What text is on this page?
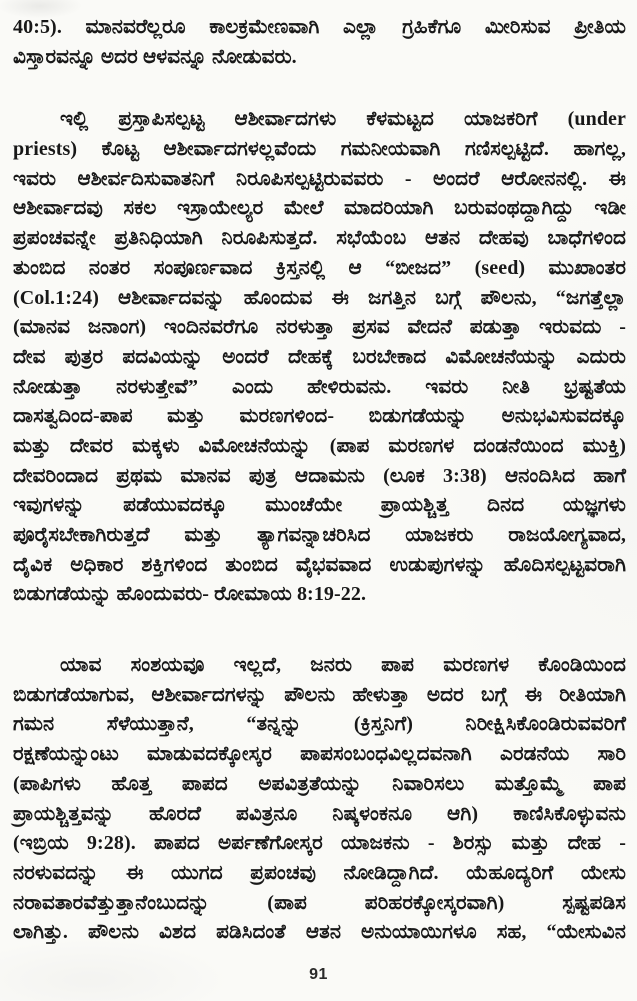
40:5). ಮಾನವರೆಲ್ಲರೂ ಕಾಲಕ್ರಮೇಣವಾಗಿ ಎಲ್ಲಾ ಗ್ರಹಿಕೆಗೂ ಮೀರಿಸುವ ಪ್ರೀತಿಯ
ವಿಸ್ತಾರವನ್ನೂ ಅದರ ಆಳವನ್ನೂ ನೋಡುವರು.
ಇಲ್ಲಿ ಪ್ರಸ್ತಾಪಿಸಲ್ಪಟ್ಟ ಆಶೀರ್ವಾದಗಳು ಕೆಳಮಟ್ಟದ ಯಾಜಕರಿಗೆ (under
priests) ಕೊಟ್ಟ ಆಶೀರ್ವಾದಗಳಲ್ಲವೆಂದು ಗಮನೀಯವಾಗಿ ಗಣಿಸಲ್ಪಟ್ಟಿದೆ. ಹಾಗಲ್ಲ,
ಇವರು ಆಶೀರ್ವದಿಸುವಾತನಿಗೆ ನಿರೂಪಿಸಲ್ಪಟ್ಟಿರುವವರು - ಅಂದರೆ ಆರೋನನಲ್ಲಿ. ಈ
ಆಶೀರ್ವಾದವು ಸಕಲ ಇಸ್ರಾಯೇಲ್ಯರ ಮೇಲೆ ಮಾದರಿಯಾಗಿ ಬರುವಂಥದ್ದಾಗಿದ್ದು ಇಡೀ
ಪ್ರಪಂಚವನ್ನೇ ಪ್ರತಿನಿಧಿಯಾಗಿ ನಿರೂಪಿಸುತ್ತದೆ. ಸಭೆಯೆಂಬ ಆತನ ದೇಹವು ಬಾಧೆಗಳಿಂದ
ತುಂಬಿದ ನಂತರ ಸಂಪೂರ್ಣವಾದ ಕ್ರಿಸ್ತನಲ್ಲಿ ಆ “ಬೀಜದ” (seed) ಮುಖಾಂತರ
(Col.1:24) ಆಶೀರ್ವಾದವನ್ನು ಹೊಂದುವ ಈ ಜಗತ್ತಿನ ಬಗ್ಗೆ ಪೌಲನು, “ಜಗತ್ತೆಲ್ಲಾ
(ಮಾನವ ಜನಾಂಗ) ಇಂದಿನವರೆಗೂ ನರಳುತ್ತಾ ಪ್ರಸವ ವೇದನೆ ಪಡುತ್ತಾ ಇರುವದು -
ದೇವ ಪುತ್ರರ ಪದವಿಯನ್ನು ಅಂದರೆ ದೇಹಕ್ಕೆ ಬರಬೇಕಾದ ವಿಮೋಚನೆಯನ್ನು ಎದುರು
ನೋಡುತ್ತಾ ನರಳುತ್ತೇವೆ” ಎಂದು ಹೇಳಿರುವನು. ಇವರು ನೀತಿ ಭ್ರಷ್ಟತೆಯ
ದಾಸತ್ವದಿಂದ-ಪಾಪ ಮತ್ತು ಮರಣಗಳಿಂದ- ಬಿಡುಗಡೆಯನ್ನು ಅನುಭವಿಸುವದಕ್ಕೂ
ಮತ್ತು ದೇವರ ಮಕ್ಕಳು ವಿಮೋಚನೆಯನ್ನು (ಪಾಪ ಮರಣಗಳ ದಂಡನೆಯಿಂದ ಮುಕ್ತಿ)
ದೇವರಿಂದಾದ ಪ್ರಥಮ ಮಾನವ ಪುತ್ರ ಆದಾಮನು (ಲೂಕ 3:38) ಆನಂದಿಸಿದ ಹಾಗೆ
ಇವುಗಳನ್ನು ಪಡೆಯುವದಕ್ಕೂ ಮುಂಚೆಯೇ ಪ್ರಾಯಶ್ಚಿತ್ತ ದಿನದ ಯಜ್ಞಗಳು
ಪೂರೈಸಬೇಕಾಗಿರುತ್ತದೆ ಮತ್ತು ತ್ಯಾಗವನ್ನಾಚರಿಸಿದ ಯಾಜಕರು ರಾಜಯೋಗ್ಯವಾದ,
ದೈವಿಕ ಅಧಿಕಾರ ಶಕ್ತಿಗಳಿಂದ ತುಂಬಿದ ವೈಭವವಾದ ಉಡುಪುಗಳನ್ನು ಹೊದಿಸಲ್ಪಟ್ಟವರಾಗಿ
ಬಿಡುಗಡೆಯನ್ನು ಹೊಂದುವರು- ರೋಮಾಯ 8:19-22.
ಯಾವ ಸಂಶಯವೂ ಇಲ್ಲದೆ, ಜನರು ಪಾಪ ಮರಣಗಳ ಕೊಂಡಿಯಿಂದ
ಬಿಡುಗಡೆಯಾಗುವ, ಆಶೀರ್ವಾದಗಳನ್ನು ಪೌಲನು ಹೇಳುತ್ತಾ ಅದರ ಬಗ್ಗೆ ಈ ರೀತಿಯಾಗಿ
ಗಮನ ಸೆಳೆಯುತ್ತಾನೆ, “ತನ್ನನ್ನು (ಕ್ರಿಸ್ತನಿಗೆ) ನಿರೀಕ್ಷಿಸಿಕೊಂಡಿರುವವರಿಗೆ
ರಕ್ಷಣೆಯನ್ನುಂಟು ಮಾಡುವದಕ್ಕೋಸ್ಕರ ಪಾಪಸಂಬಂಧವಿಲ್ಲದವನಾಗಿ ಎರಡನೆಯ ಸಾರಿ
(ಪಾಪಿಗಳು ಹೊತ್ತ ಪಾಪದ ಅಪವಿತ್ರತೆಯನ್ನು ನಿವಾರಿಸಲು ಮತ್ತೊಮ್ಮೆ ಪಾಪ
ಪ್ರಾಯಶ್ಚಿತ್ತವನ್ನು ಹೊರದೆ ಪವಿತ್ರನೂ ನಿಷ್ಕಳಂಕನೂ ಆಗಿ) ಕಾಣಿಸಿಕೊಳ್ಳುವನು
(ಇಬ್ರಿಯ 9:28). ಪಾಪದ ಅರ್ಪಣೆಗೋಸ್ಕರ ಯಾಜಕನು - ಶಿರಸ್ಸು ಮತ್ತು ದೇಹ -
ನರಳುವದನ್ನು ಈ ಯುಗದ ಪ್ರಪಂಚವು ನೋಡಿದ್ದಾಗಿದೆ. ಯೆಹೂದ್ಯರಿಗೆ ಯೇಸು
ನರಾವತಾರವೆತ್ತುತ್ತಾನೆಂಬುದನ್ನು (ಪಾಪ ಪರಿಹರಕ್ಕೋಸ್ಕರವಾಗಿ) ಸ್ಪಷ್ಟಪಡಿಸ
ಲಾಗಿತ್ತು. ಪೌಲನು ವಿಶದ ಪಡಿಸಿದಂತೆ ಆತನ ಅನುಯಾಯಿಗಳೂ ಸಹ, “ಯೇಸುವಿನ
91
